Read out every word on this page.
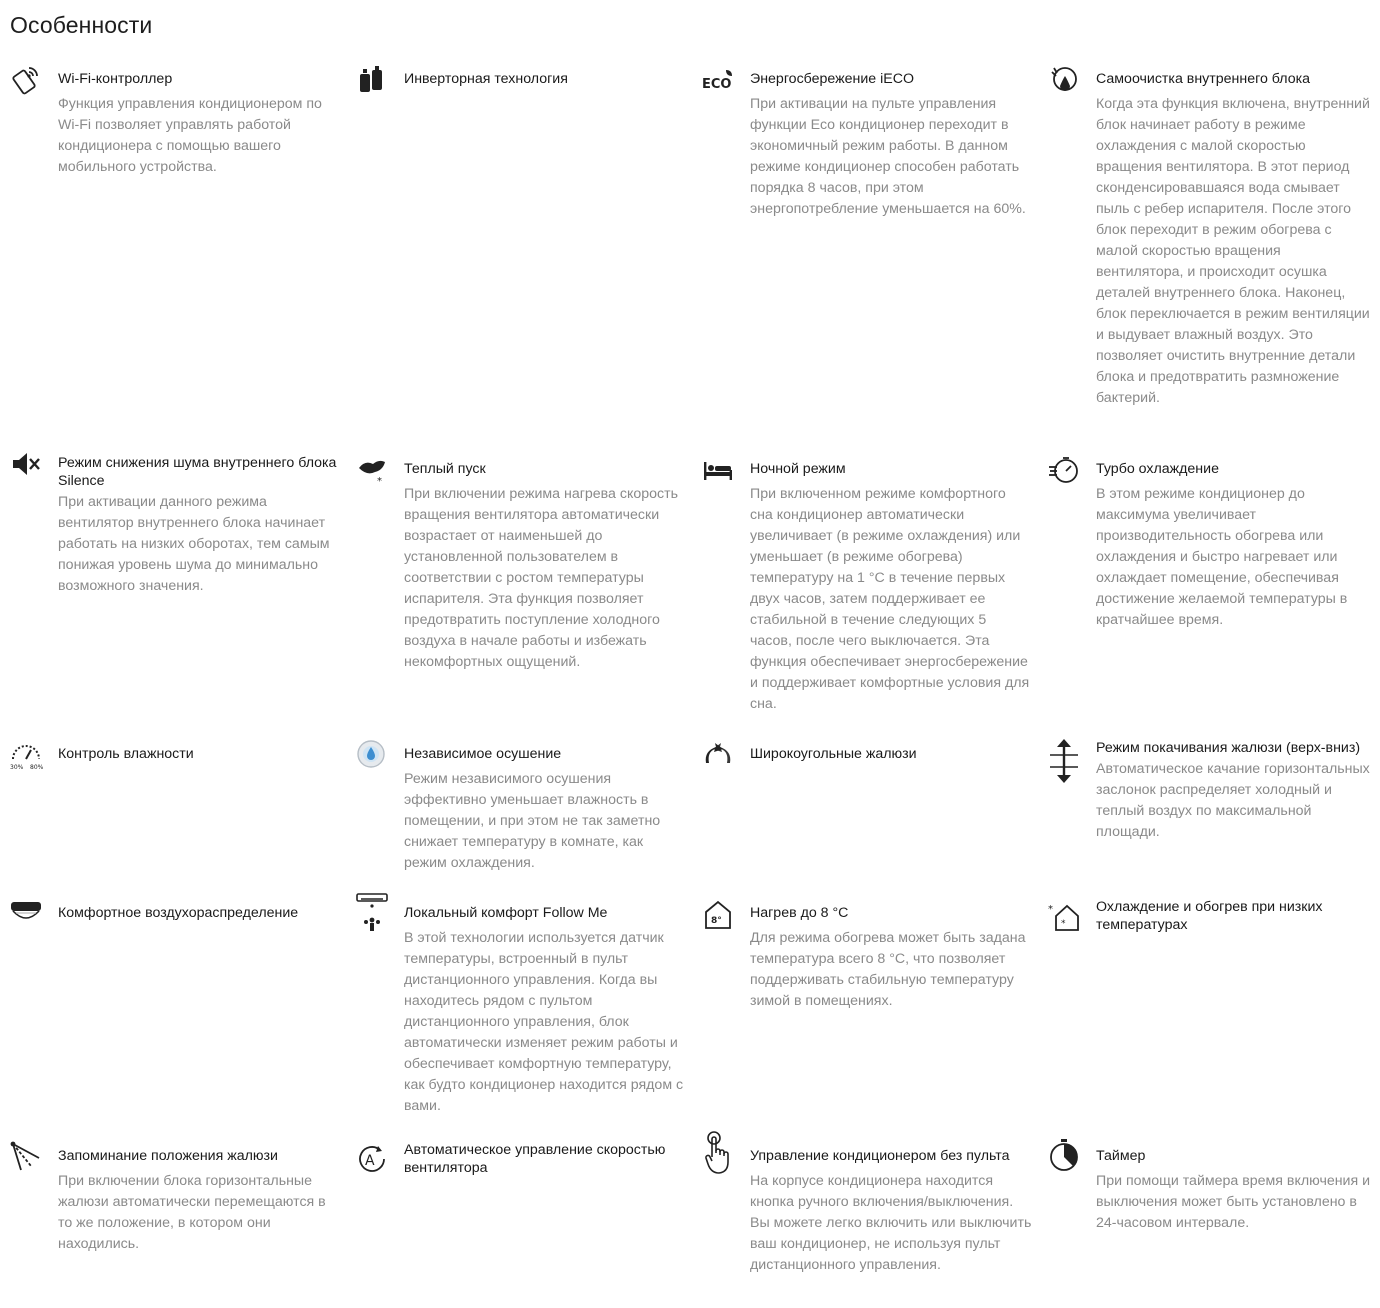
Особенности
Wi-Fi-контроллер

Функция управления кондиционером по Wi-Fi позволяет управлять работой кондиционера с помощью вашего мобильного устройства.

Инверторная технология	ECO Энергосбережение iECO

При активации на пульте управления функции Eco кондиционер переходит в экономичный режим работы. В данном режиме кондиционер способен работать порядка 8 часов, при этом энергопотребление уменьшается на 60%.

Самоочистка внутреннего блока

Когда эта функция включена, внутренний блок начинает работу в режиме охлаждения с малой скоростью вращения вентилятора. В этот период сконденсировавшаяся вода смывает пыль с ребер испарителя. После этого блок переходит в режим обогрева с малой скоростью вращения вентилятора, и происходит осушка деталей внутреннего блока. Наконец, блок переключается в режим вентиляции и выдувает влажный воздух. Это позволяет очистить внутренние детали блока и предотвратить размножение бактерий.

Режим снижения шума внутреннего блока Silence

При активации данного режима вентилятор внутреннего блока начинает работать на низких оборотах, тем самым понижая уровень шума до минимально возможного значения.

*
Теплый пуск

При включении режима нагрева скорость вращения вентилятора автоматически возрастает от наименьшей до установленной пользователем в соответствии с ростом температуры испарителя. Эта функция позволяет предотвратить поступление холодного воздуха в начале работы и избежать некомфортных ощущений.

Ночной режим

При включенном режиме комфортного сна кондиционер автоматически увеличивает (в режиме охлаждения) или уменьшает (в режиме обогрева) температуру на 1 °С в течение первых двух часов, затем поддерживает ее стабильной в течение следующих 5 часов, после чего выключается. Эта функция обеспечивает энергосбережение и поддерживает комфортные условия для сна.

Турбо охлаждение

В этом режиме кондиционер до максимума увеличивает производительность обогрева или охлаждения и быстро нагревает или охлаждает помещение, обеспечивая достижение желаемой температуры в кратчайшее время.

30% 80%
Контроль влажности	Независимое осушение

Режим независимого осушения эффективно уменьшает влажность в помещении, и при этом не так заметно снижает температуру в комнате, как режим охлаждения.

Широкоугольные жалюзи	Режим покачивания жалюзи (верх-вниз)

Автоматическое качание горизонтальных заслонок распределяет холодный и теплый воздух по максимальной площади.

Комфортное воздухораспределение	Локальный комфорт Follow Me

В этой технологии используется датчик температуры, встроенный в пульт дистанционного управления. Когда вы находитесь рядом с пультом дистанционного управления, блок автоматически изменяет режим работы и обеспечивает комфортную температуру, как будто кондиционер находится рядом с вами.

8° Нагрев до 8 °С

Для режима обогрева может быть задана температура всего 8 °С, что позволяет поддерживать стабильную температуру зимой в помещениях.

*
*
Охлаждение и обогрев при низких температурах
Запоминание положения жалюзи

При включении блока горизонтальные жалюзи автоматически перемещаются в то же положение, в котором они находились.

A
Автоматическое управление скоростью вентилятора
Управление кондиционером без пульта

На корпусе кондиционера находится кнопка ручного включения/выключения. Вы можете легко включить или выключить ваш кондиционер, не используя пульт дистанционного управления.

Таймер

При помощи таймера время включения и выключения может быть установлено в 24-часовом интервале.
